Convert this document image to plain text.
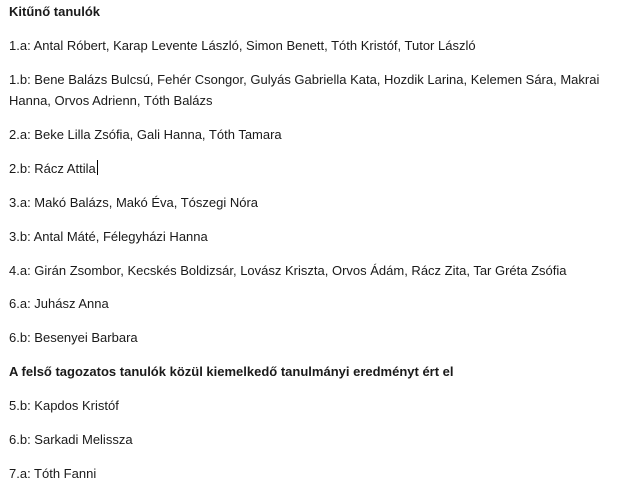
Kitűnő tanulók

1.a: Antal Róbert, Karap Levente László, Simon Benett, Tóth Kristóf, Tutor László

1.b: Bene Balázs Bulcsú, Fehér Csongor, Gulyás Gabriella Kata, Hozdik Larina, Kelemen Sára, Makrai Hanna, Orvos Adrienn, Tóth Balázs

2.a: Beke Lilla Zsófia, Gali Hanna, Tóth Tamara

2.b: Rácz Attila

3.a: Makó Balázs, Makó Éva, Tószegi Nóra

3.b: Antal Máté, Félegyházi Hanna

4.a: Girán Zsombor, Kecskés Boldizsár, Lovász Kriszta, Orvos Ádám, Rácz Zita, Tar Gréta Zsófia

6.a: Juhász Anna

6.b: Besenyei Barbara

A felső tagozatos tanulók közül kiemelkedő tanulmányi eredményt ért el

5.b: Kapdos Kristóf

6.b: Sarkadi Melissza

7.a: Tóth Fanni
